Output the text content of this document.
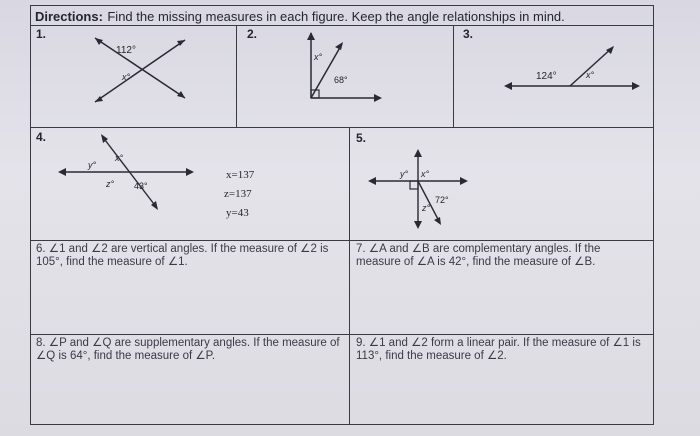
Directions: Find the missing measures in each figure. Keep the angle relationships in mind.
1.	2.	3.
4.	5.
112°
x°
x°
68°	124°	x°
y°
x°
z° 43°
x=137
z=137
y=43
y° x°
z°
72°
6. ∠1 and ∠2 are vertical angles. If the measure of ∠2 is 105°, find the measure of ∠1.
7. ∠A and ∠B are complementary angles. If the measure of ∠A is 42°, find the measure of ∠B.
8. ∠P and ∠Q are supplementary angles. If the measure of ∠Q is 64°, find the measure of ∠P.
9. ∠1 and ∠2 form a linear pair. If the measure of ∠1 is 113°, find the measure of ∠2.
